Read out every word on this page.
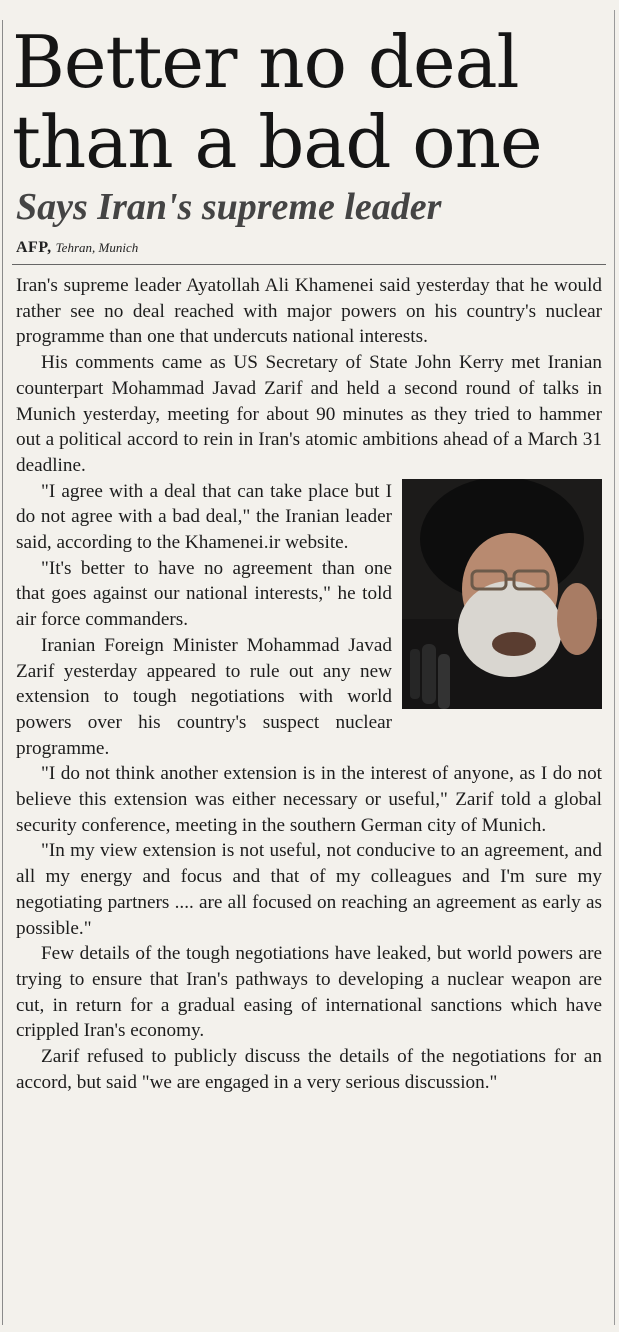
Better no deal than a bad one
Says Iran's supreme leader
AFP, Tehran, Munich

Iran's supreme leader Ayatollah Ali Khamenei said yesterday that he would rather see no deal reached with major powers on his country's nuclear programme than one that undercuts national interests.

His comments came as US Secretary of State John Kerry met Iranian counterpart Mohammad Javad Zarif and held a second round of talks in Munich yesterday, meeting for about 90 minutes as they tried to hammer out a political accord to rein in Iran's atomic ambitions ahead of a March 31 deadline.

"I agree with a deal that can take place but I do not agree with a bad deal," the Iranian leader said, according to the Khamenei.ir website.

"It's better to have no agreement than one that goes against our national interests," he told air force commanders.

Iranian Foreign Minister Mohammad Javad Zarif yesterday appeared to rule out any new extension to tough negotiations with world powers over his country's suspect nuclear programme.

"I do not think another extension is in the interest of anyone, as I do not believe this extension was either necessary or useful," Zarif told a global security conference, meeting in the southern German city of Munich.

"In my view extension is not useful, not conducive to an agreement, and all my energy and focus and that of my colleagues and I'm sure my negotiating partners .... are all focused on reaching an agreement as early as possible."

Few details of the tough negotiations have leaked, but world powers are trying to ensure that Iran's pathways to developing a nuclear weapon are cut, in return for a gradual easing of international sanctions which have crippled Iran's economy.

Zarif refused to publicly discuss the details of the negotiations for an accord, but said "we are engaged in a very serious discussion."
